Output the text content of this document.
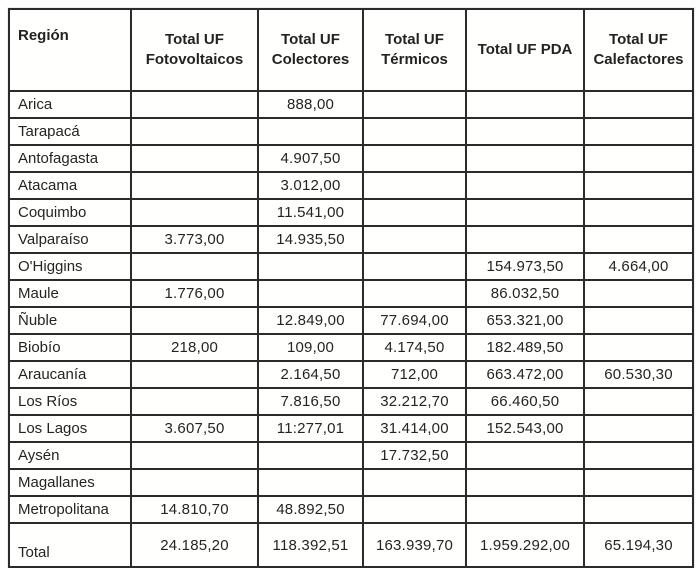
Región	Total UF Fotovoltaicos	Total UF Colectores	Total UF Térmicos	Total UF PDA	Total UF Calefactores
Arica		888,00			
Tarapacá					
Antofagasta		4.907,50			
Atacama		3.012,00			
Coquimbo		11.541,00			
Valparaíso	3.773,00	14.935,50			
O'Higgins				154.973,50	4.664,00
Maule	1.776,00			86.032,50	
Ñuble		12.849,00	77.694,00	653.321,00	
Biobío	218,00	109,00	4.174,50	182.489,50	
Araucanía		2.164,50	712,00	663.472,00	60.530,30
Los Ríos		7.816,50	32.212,70	66.460,50	
Los Lagos	3.607,50	11:277,01	31.414,00	152.543,00	
Aysén			17.732,50		
Magallanes					
Metropolitana	14.810,70	48.892,50			
Total	24.185,20	118.392,51	163.939,70	1.959.292,00	65.194,30
